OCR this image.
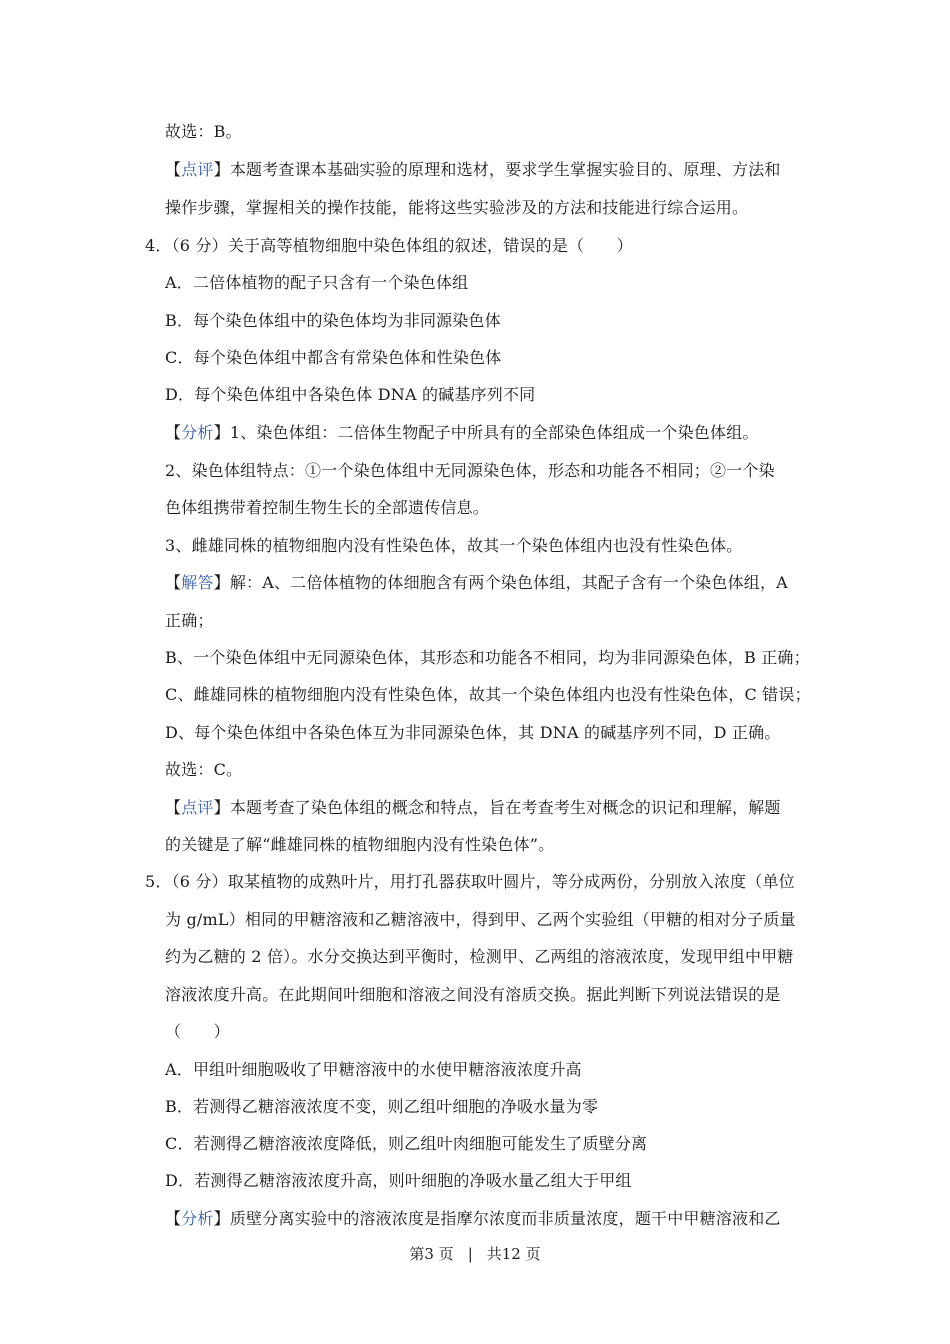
故选：B。
【点评】本题考查课本基础实验的原理和选材，要求学生掌握实验目的、原理、方法和
操作步骤，掌握相关的操作技能，能将这些实验涉及的方法和技能进行综合运用。
4．（6 分）关于高等植物细胞中染色体组的叙述，错误的是（　　）
A．二倍体植物的配子只含有一个染色体组
B．每个染色体组中的染色体均为非同源染色体
C．每个染色体组中都含有常染色体和性染色体
D．每个染色体组中各染色体 DNA 的碱基序列不同
【分析】1、染色体组：二倍体生物配子中所具有的全部染色体组成一个染色体组。
2、染色体组特点：①一个染色体组中无同源染色体，形态和功能各不相同；②一个染
色体组携带着控制生物生长的全部遗传信息。
3、雌雄同株的植物细胞内没有性染色体，故其一个染色体组内也没有性染色体。
【解答】解：A、二倍体植物的体细胞含有两个染色体组，其配子含有一个染色体组，A
正确；
B、一个染色体组中无同源染色体，其形态和功能各不相同，均为非同源染色体，B 正确；
C、雌雄同株的植物细胞内没有性染色体，故其一个染色体组内也没有性染色体，C 错误；
D、每个染色体组中各染色体互为非同源染色体，其 DNA 的碱基序列不同，D 正确。
故选：C。
【点评】本题考查了染色体组的概念和特点，旨在考查考生对概念的识记和理解，解题
的关键是了解“雌雄同株的植物细胞内没有性染色体”。
5．（6 分）取某植物的成熟叶片，用打孔器获取叶圆片，等分成两份，分别放入浓度（单位
为 g/mL）相同的甲糖溶液和乙糖溶液中，得到甲、乙两个实验组（甲糖的相对分子质量
约为乙糖的 2 倍）。水分交换达到平衡时，检测甲、乙两组的溶液浓度，发现甲组中甲糖
溶液浓度升高。在此期间叶细胞和溶液之间没有溶质交换。据此判断下列说法错误的是
（　　）
A．甲组叶细胞吸收了甲糖溶液中的水使甲糖溶液浓度升高
B．若测得乙糖溶液浓度不变，则乙组叶细胞的净吸水量为零
C．若测得乙糖溶液浓度降低，则乙组叶肉细胞可能发生了质壁分离
D．若测得乙糖溶液浓度升高，则叶细胞的净吸水量乙组大于甲组
【分析】质壁分离实验中的溶液浓度是指摩尔浓度而非质量浓度，题干中甲糖溶液和乙
第3 页 | 共12 页
